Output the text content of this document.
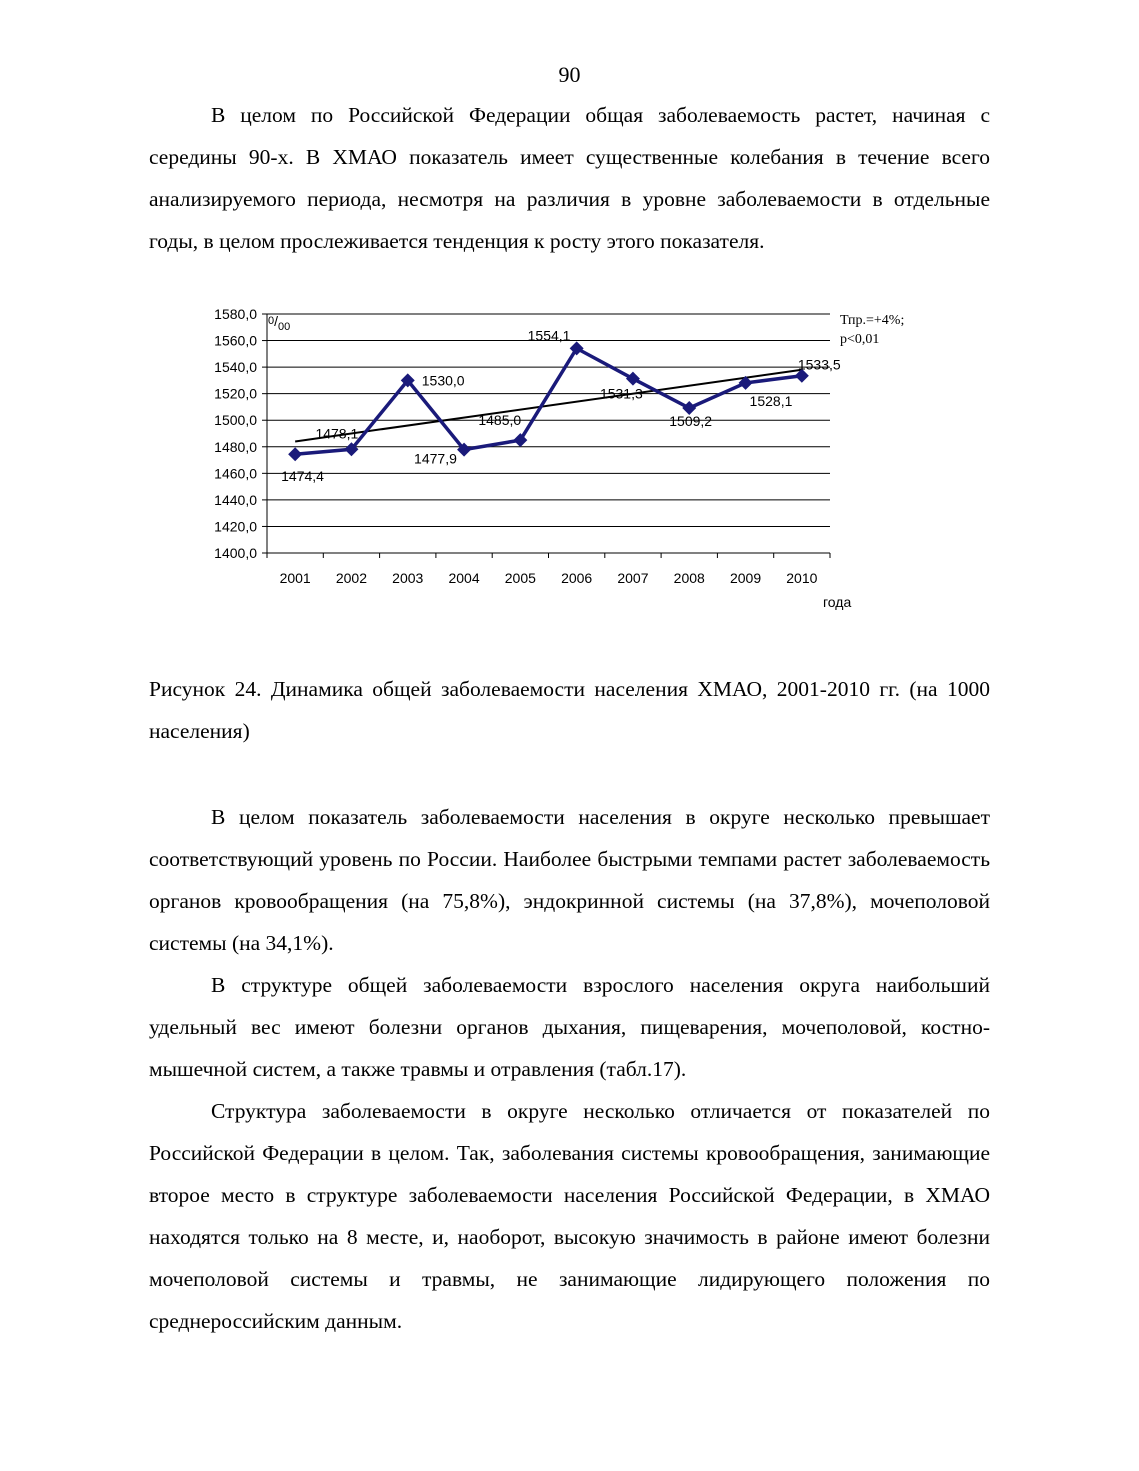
90

В целом по Российской Федерации общая заболеваемость растет, начиная с середины 90-х. В ХМАО показатель имеет существенные колебания в течение всего анализируемого периода, несмотря на различия в уровне заболеваемости в отдельные годы, в целом прослеживается тенденция к росту этого показателя.

1400,0
1420,0
1440,0
1460,0
1480,0
1500,0
1520,0
1540,0
1560,0
1580,0
2001 2002 2003 2004 2005 2006 2007 2008 2009 2010
1474,4
1478,1
1530,0
1477,9
1485,0
1554,1
1531,3
1509,2
1528,1
1533,5
$0/_{00}$
года
Тпр.=+4%;
p<0,01

Рисунок 24. Динамика общей заболеваемости населения ХМАО, 2001-2010 гг. (на 1000 населения)

В целом показатель заболеваемости населения в округе несколько превышает соответствующий уровень по России. Наиболее быстрыми темпами растет заболеваемость органов кровообращения (на 75,8%), эндокринной системы (на 37,8%), мочеполовой системы (на 34,1%).

В структуре общей заболеваемости взрослого населения округа наибольший удельный вес имеют болезни органов дыхания, пищеварения, мочеполовой, костно-мышечной систем, а также травмы и отравления (табл.17).

Структура заболеваемости в округе несколько отличается от показателей по Российской Федерации в целом. Так, заболевания системы кровообращения, занимающие второе место в структуре заболеваемости населения Российской Федерации, в ХМАО находятся только на 8 месте, и, наоборот, высокую значимость в районе имеют болезни мочеполовой системы и травмы, не занимающие лидирующего положения по среднероссийским данным.
